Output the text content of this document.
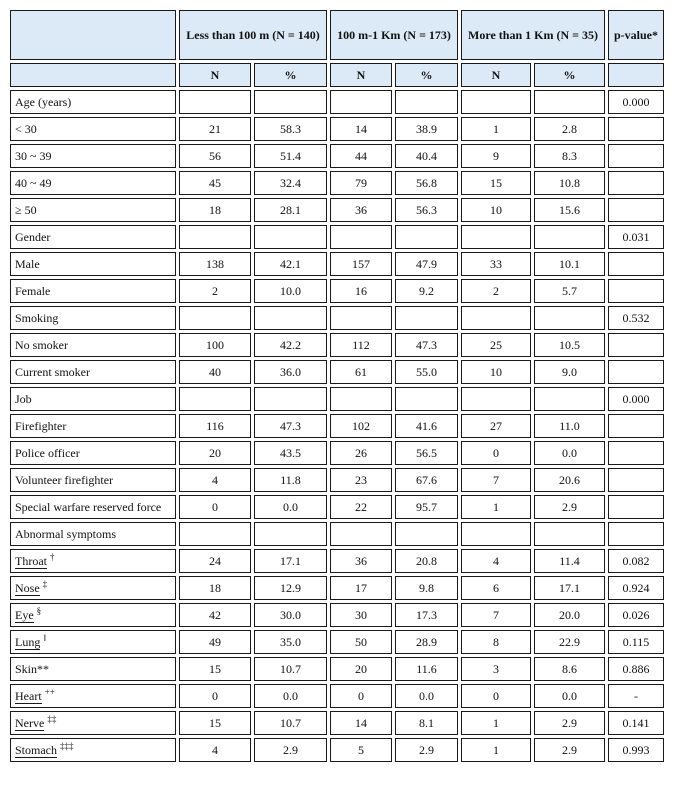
	Less than 100 m (N = 140)		100 m-1 Km (N = 173)		More than 1 Km (N = 35)		p-value*
	N	%	N	%	N	%	
Age (years)							0.000
< 30	21	58.3	14	38.9	1	2.8	
30 ~ 39	56	51.4	44	40.4	9	8.3	
40 ~ 49	45	32.4	79	56.8	15	10.8	
≥ 50	18	28.1	36	56.3	10	15.6	
Gender							0.031
Male	138	42.1	157	47.9	33	10.1	
Female	2	10.0	16	9.2	2	5.7	
Smoking							0.532
No smoker	100	42.2	112	47.3	25	10.5	
Current smoker	40	36.0	61	55.0	10	9.0	
Job							0.000
Firefighter	116	47.3	102	41.6	27	11.0	
Police officer	20	43.5	26	56.5	0	0.0	
Volunteer firefighter	4	11.8	23	67.6	7	20.6	
Special warfare reserved force	0	0.0	22	95.7	1	2.9	
Abnormal symptoms							
Throat †	24	17.1	36	20.8	4	11.4	0.082
Nose ‡	18	12.9	17	9.8	6	17.1	0.924
Eye §	42	30.0	30	17.3	7	20.0	0.026
Lung ‖	49	35.0	50	28.9	8	22.9	0.115
Skin**	15	10.7	20	11.6	3	8.6	0.886
Heart ++	0	0.0	0	0.0	0	0.0	-
Nerve ‡‡	15	10.7	14	8.1	1	2.9	0.141
Stomach ‡‡‡	4	2.9	5	2.9	1	2.9	0.993
